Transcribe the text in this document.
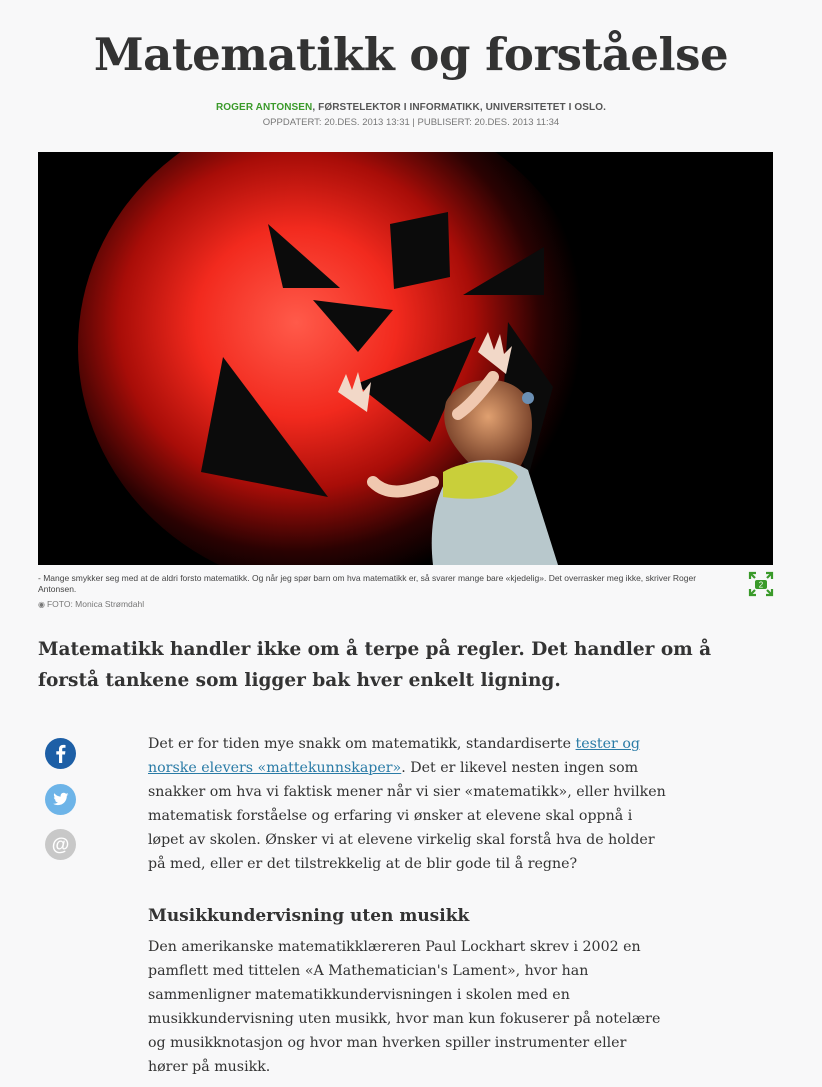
Matematikk og forståelse
ROGER ANTONSEN, FØRSTELEKTOR I INFORMATIKK, UNIVERSITETET I OSLO.
OPPDATERT: 20.DES. 2013 13:31 | PUBLISERT: 20.DES. 2013 11:34
- Mange smykker seg med at de aldri forsto matematikk. Og når jeg spør barn om hva matematikk er, så svarer mange bare «kjedelig». Det overrasker meg ikke, skriver Roger Antonsen.
◉ FOTO: Monica Strømdahl
2

Matematikk handler ikke om å terpe på regler. Det handler om å forstå tankene som ligger bak hver enkelt ligning.

@

Det er for tiden mye snakk om matematikk, standardiserte tester og norske elevers «mattekunnskaper». Det er likevel nesten ingen som snakker om hva vi faktisk mener når vi sier «matematikk», eller hvilken matematisk forståelse og erfaring vi ønsker at elevene skal oppnå i løpet av skolen. Ønsker vi at elevene virkelig skal forstå hva de holder på med, eller er det tilstrekkelig at de blir gode til å regne?

Musikkundervisning uten musikk

Den amerikanske matematikklæreren Paul Lockhart skrev i 2002 en pamflett med tittelen «A Mathematician's Lament», hvor han sammenligner matematikkundervisningen i skolen med en musikkundervisning uten musikk, hvor man kun fokuserer på notelære og musikknotasjon og hvor man hverken spiller instrumenter eller hører på musikk.
